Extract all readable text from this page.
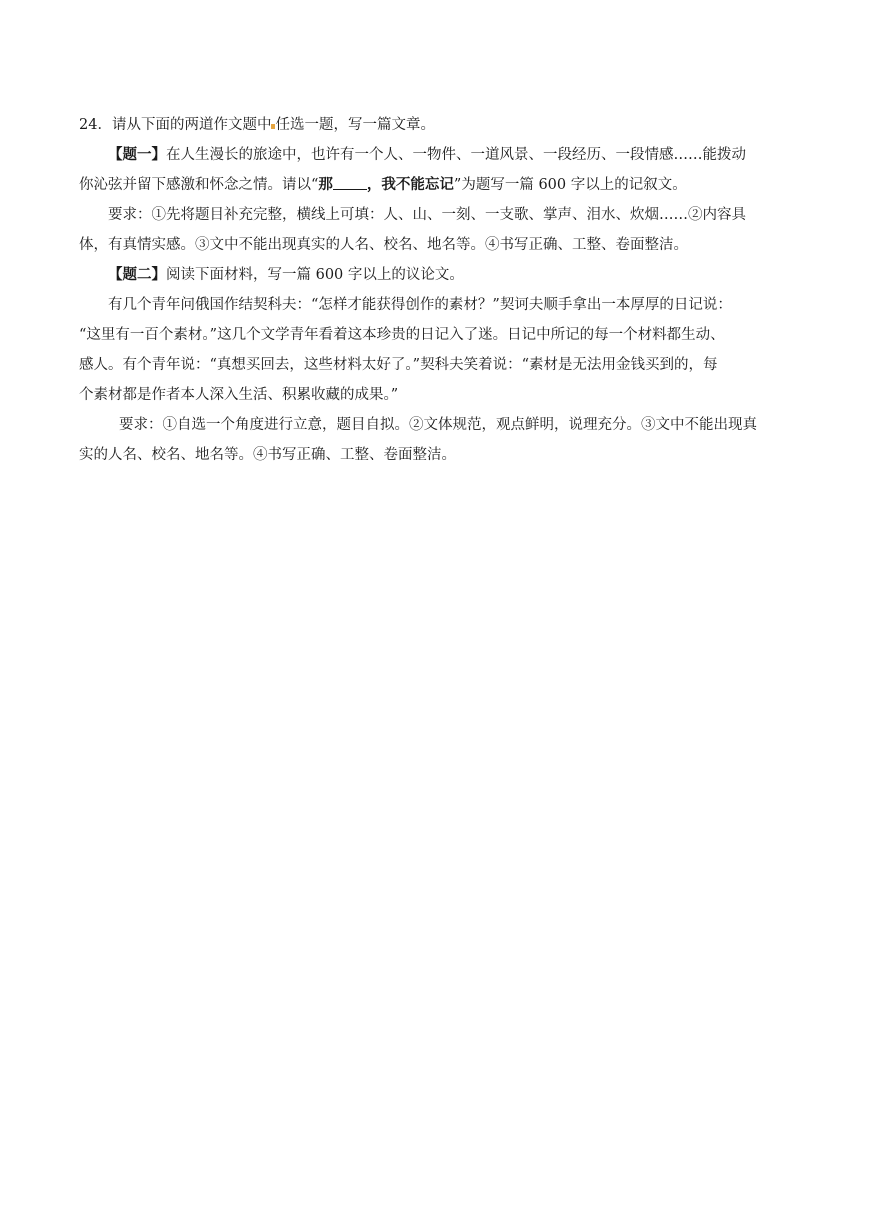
24．请从下面的两道作文题中 任选一题，写一篇文章。
【题一】在人生漫长的旅途中，也许有一个人、一物件、一道风景、一段经历、一段情感……能拨动
你沁弦并留下感激和怀念之情。请以“那 ，我不能忘记”为题写一篇 600 字以上的记叙文。
要求：①先将题目补充完整，横线上可填：人、山、一刻、一支歌、掌声、泪水、炊烟……②内容具
体，有真情实感。③文中不能出现真实的人名、校名、地名等。④书写正确、工整、卷面整洁。
【题二】阅读下面材料，写一篇 600 字以上的议论文。
有几个青年问俄国作结契科夫：“怎样才能获得创作的素材？”契诃夫顺手拿出一本厚厚的日记说：
“这里有一百个素材。”这几个文学青年看着这本珍贵的日记入了迷。日记中所记的每一个材料都生动、
感人。有个青年说：“真想买回去，这些材料太好了。”契科夫笑着说：“素材是无法用金钱买到的，每
个素材都是作者本人深入生活、积累收藏的成果。”
要求：①自选一个角度进行立意，题目自拟。②文体规范，观点鲜明，说理充分。③文中不能出现真
实的人名、校名、地名等。④书写正确、工整、卷面整洁。
